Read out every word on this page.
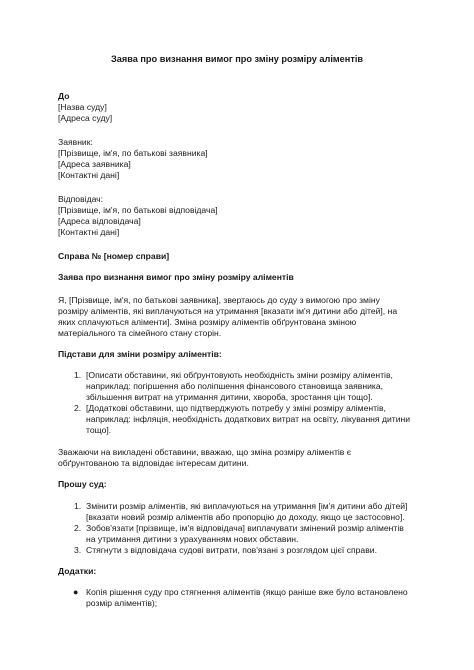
Заява про визнання вимог про зміну розміру аліментів

До

[Назва суду]

[Адреса суду]

Заявник:

[Прізвище, ім'я, по батькові заявника]

[Адреса заявника]

[Контактні дані]

Відповідач:

[Прізвище, ім'я, по батькові відповідача]

[Адреса відповідача]

[Контактні дані]

Справа № [номер справи]
Заява про визнання вимог про зміну розміру аліментів

Я, [Прізвище, ім'я, по батькові заявника], звертаюсь до суду з вимогою про зміну

розміру аліментів, які виплачуються на утримання [вказати ім'я дитини або дітей], на

яких сплачуються аліменти]. Зміна розміру аліментів обґрунтована зміною

матеріального та сімейного стану сторін.

Підстави для зміни розміру аліментів:
1. [Описати обставини, які обґрунтовують необхідність зміни розміру аліментів,

наприклад: погіршення або поліпшення фінансового становища заявника,

збільшення витрат на утримання дитини, хвороба, зростання цін тощо].

2. [Додаткові обставини, що підтверджують потребу у зміні розміру аліментів,

наприклад: інфляція, необхідність додаткових витрат на освіту, лікування дитини

тощо].

Зважаючи на викладені обставини, вважаю, що зміна розміру аліментів є

обґрунтованою та відповідає інтересам дитини.

Прошу суд:
1. Змінити розмір аліментів, які виплачуються на утримання [ім'я дитини або дітей]

[вказати новий розмір аліментів або пропорцію до доходу, якщо це застосовно].

2. Зобов'язати [прізвище, ім'я відповідача] виплачувати змінений розмір аліментів

на утримання дитини з урахуванням нових обставин.

3. Стягнути з відповідача судові витрати, пов'язані з розглядом цієї справи.

Додатки:
● Копія рішення суду про стягнення аліментів (якщо раніше вже було встановлено

розмір аліментів);
